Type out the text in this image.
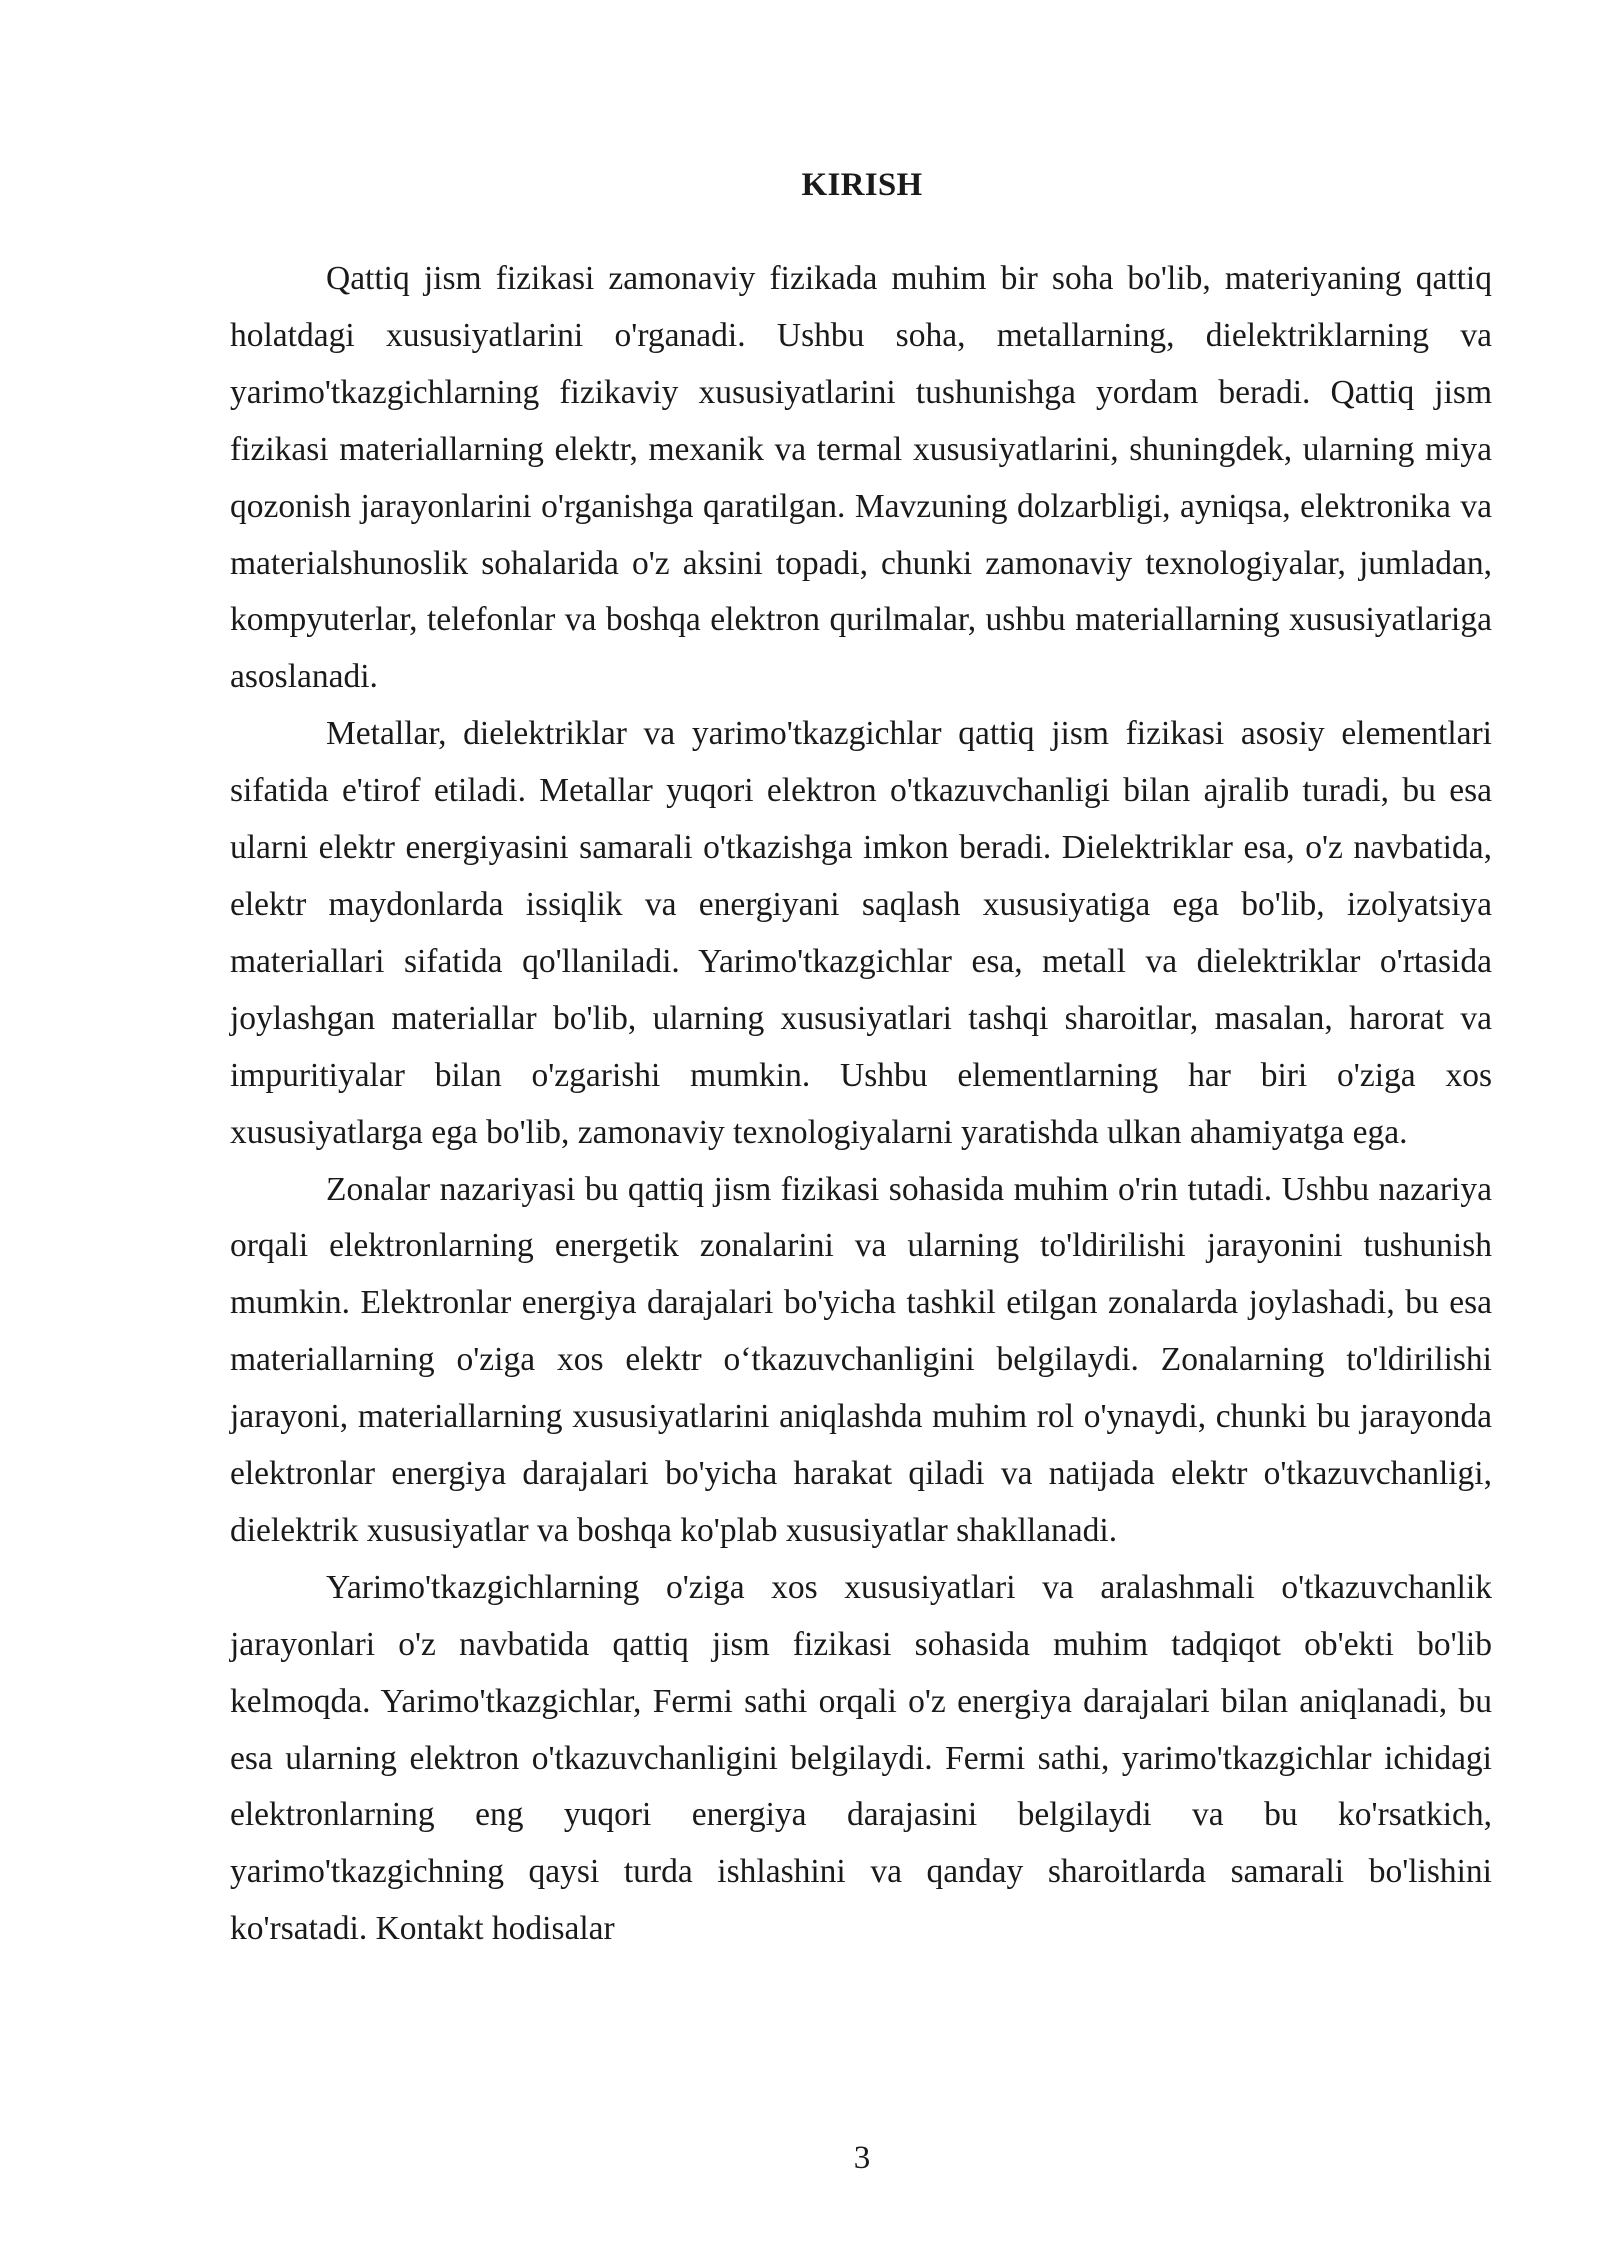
KIRISH

Qattiq jism fizikasi zamonaviy fizikada muhim bir soha bo'lib, materiyaning qattiq holatdagi xususiyatlarini o'rganadi. Ushbu soha, metallarning, dielektriklarning va yarimo'tkazgichlarning fizikaviy xususiyatlarini tushunishga yordam beradi. Qattiq jism fizikasi materiallarning elektr, mexanik va termal xususiyatlarini, shuningdek, ularning miya qozonish jarayonlarini o'rganishga qaratilgan. Mavzuning dolzarbligi, ayniqsa, elektronika va materialshunoslik sohalarida o'z aksini topadi, chunki zamonaviy texnologiyalar, jumladan, kompyuterlar, telefonlar va boshqa elektron qurilmalar, ushbu materiallarning xususiyatlariga asoslanadi.

Metallar, dielektriklar va yarimo'tkazgichlar qattiq jism fizikasi asosiy elementlari sifatida e'tirof etiladi. Metallar yuqori elektron o'tkazuvchanligi bilan ajralib turadi, bu esa ularni elektr energiyasini samarali o'tkazishga imkon beradi. Dielektriklar esa, o'z navbatida, elektr maydonlarda issiqlik va energiyani saqlash xususiyatiga ega bo'lib, izolyatsiya materiallari sifatida qo'llaniladi. Yarimo'tkazgichlar esa, metall va dielektriklar o'rtasida joylashgan materiallar bo'lib, ularning xususiyatlari tashqi sharoitlar, masalan, harorat va impuritiyalar bilan o'zgarishi mumkin. Ushbu elementlarning har biri o'ziga xos xususiyatlarga ega bo'lib, zamonaviy texnologiyalarni yaratishda ulkan ahamiyatga ega.

Zonalar nazariyasi bu qattiq jism fizikasi sohasida muhim o'rin tutadi. Ushbu nazariya orqali elektronlarning energetik zonalarini va ularning to'ldirilishi jarayonini tushunish mumkin. Elektronlar energiya darajalari bo'yicha tashkil etilgan zonalarda joylashadi, bu esa materiallarning o'ziga xos elektr o‘tkazuvchanligini belgilaydi. Zonalarning to'ldirilishi jarayoni, materiallarning xususiyatlarini aniqlashda muhim rol o'ynaydi, chunki bu jarayonda elektronlar energiya darajalari bo'yicha harakat qiladi va natijada elektr o'tkazuvchanligi, dielektrik xususiyatlar va boshqa ko'plab xususiyatlar shakllanadi.

Yarimo'tkazgichlarning o'ziga xos xususiyatlari va aralashmali o'tkazuvchanlik jarayonlari o'z navbatida qattiq jism fizikasi sohasida muhim tadqiqot ob'ekti bo'lib kelmoqda. Yarimo'tkazgichlar, Fermi sathi orqali o'z energiya darajalari bilan aniqlanadi, bu esa ularning elektron o'tkazuvchanligini belgilaydi. Fermi sathi, yarimo'tkazgichlar ichidagi elektronlarning eng yuqori energiya darajasini belgilaydi va bu ko'rsatkich, yarimo'tkazgichning qaysi turda ishlashini va qanday sharoitlarda samarali bo'lishini ko'rsatadi. Kontakt hodisalar

3
